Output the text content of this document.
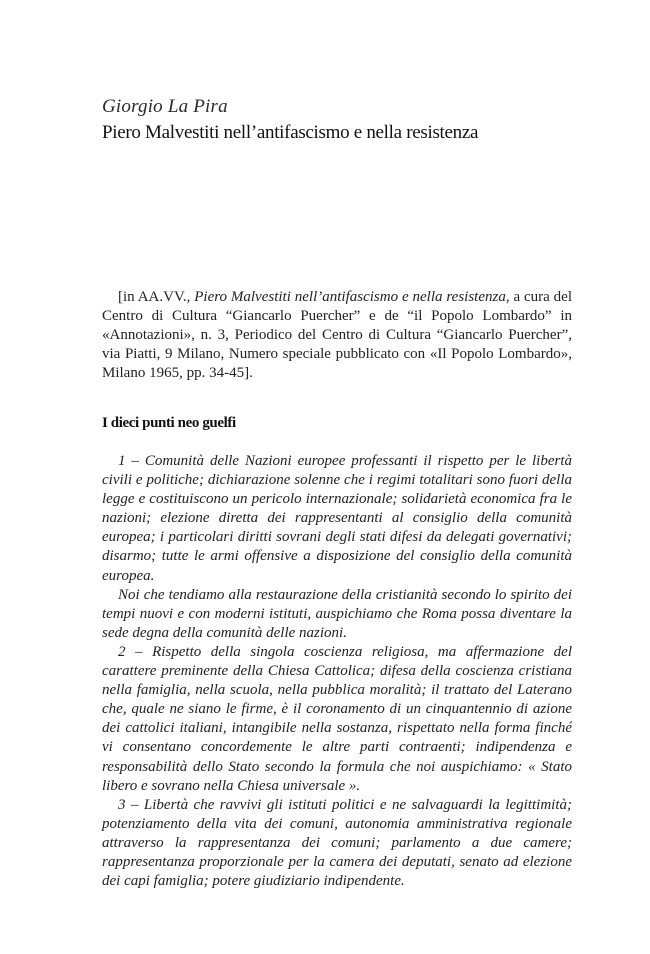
Giorgio La Pira

Piero Malvestiti nell’antifascismo e nella resistenza

[in AA.VV., Piero Malvestiti nell’antifascismo e nella resistenza, a cura del Centro di Cultura “Giancarlo Puercher” e de “il Popolo Lombardo” in «Annotazioni», n. 3, Periodico del Centro di Cultura “Giancarlo Puercher”, via Piatti, 9 Milano, Numero speciale pubblicato con «Il Popolo Lombardo», Milano 1965, pp. 34-45].

I dieci punti neo guelfi

1 – Comunità delle Nazioni europee professanti il rispetto per le libertà civili e politiche; dichiarazione solenne che i regimi totalitari sono fuori della legge e costituiscono un pericolo internazionale; solidarietà economica fra le nazioni; elezione diretta dei rappresentanti al consiglio della comunità europea; i particolari diritti sovrani degli stati difesi da delegati governativi; disarmo; tutte le armi offensive a disposizione del consiglio della comunità europea.

Noi che tendiamo alla restaurazione della cristianità secondo lo spirito dei tempi nuovi e con moderni istituti, auspichiamo che Roma possa diventare la sede degna della comunità delle nazioni.

2 – Rispetto della singola coscienza religiosa, ma affermazione del carattere preminente della Chiesa Cattolica; difesa della coscienza cristiana nella famiglia, nella scuola, nella pubblica moralità; il trattato del Laterano che, quale ne siano le firme, è il coronamento di un cinquantennio di azione dei cattolici italiani, intangibile nella sostanza, rispettato nella forma finché vi consentano concordemente le altre parti contraenti; indipendenza e responsabilità dello Stato secondo la formula che noi auspichiamo: « Stato libero e sovrano nella Chiesa universale ».

3 – Libertà che ravvivi gli istituti politici e ne salvaguardi la legittimità; potenziamento della vita dei comuni, autonomia amministrativa regionale attraverso la rappresentanza dei comuni; parlamento a due camere; rappresentanza proporzionale per la camera dei deputati, senato ad elezione dei capi famiglia; potere giudiziario indipendente.
